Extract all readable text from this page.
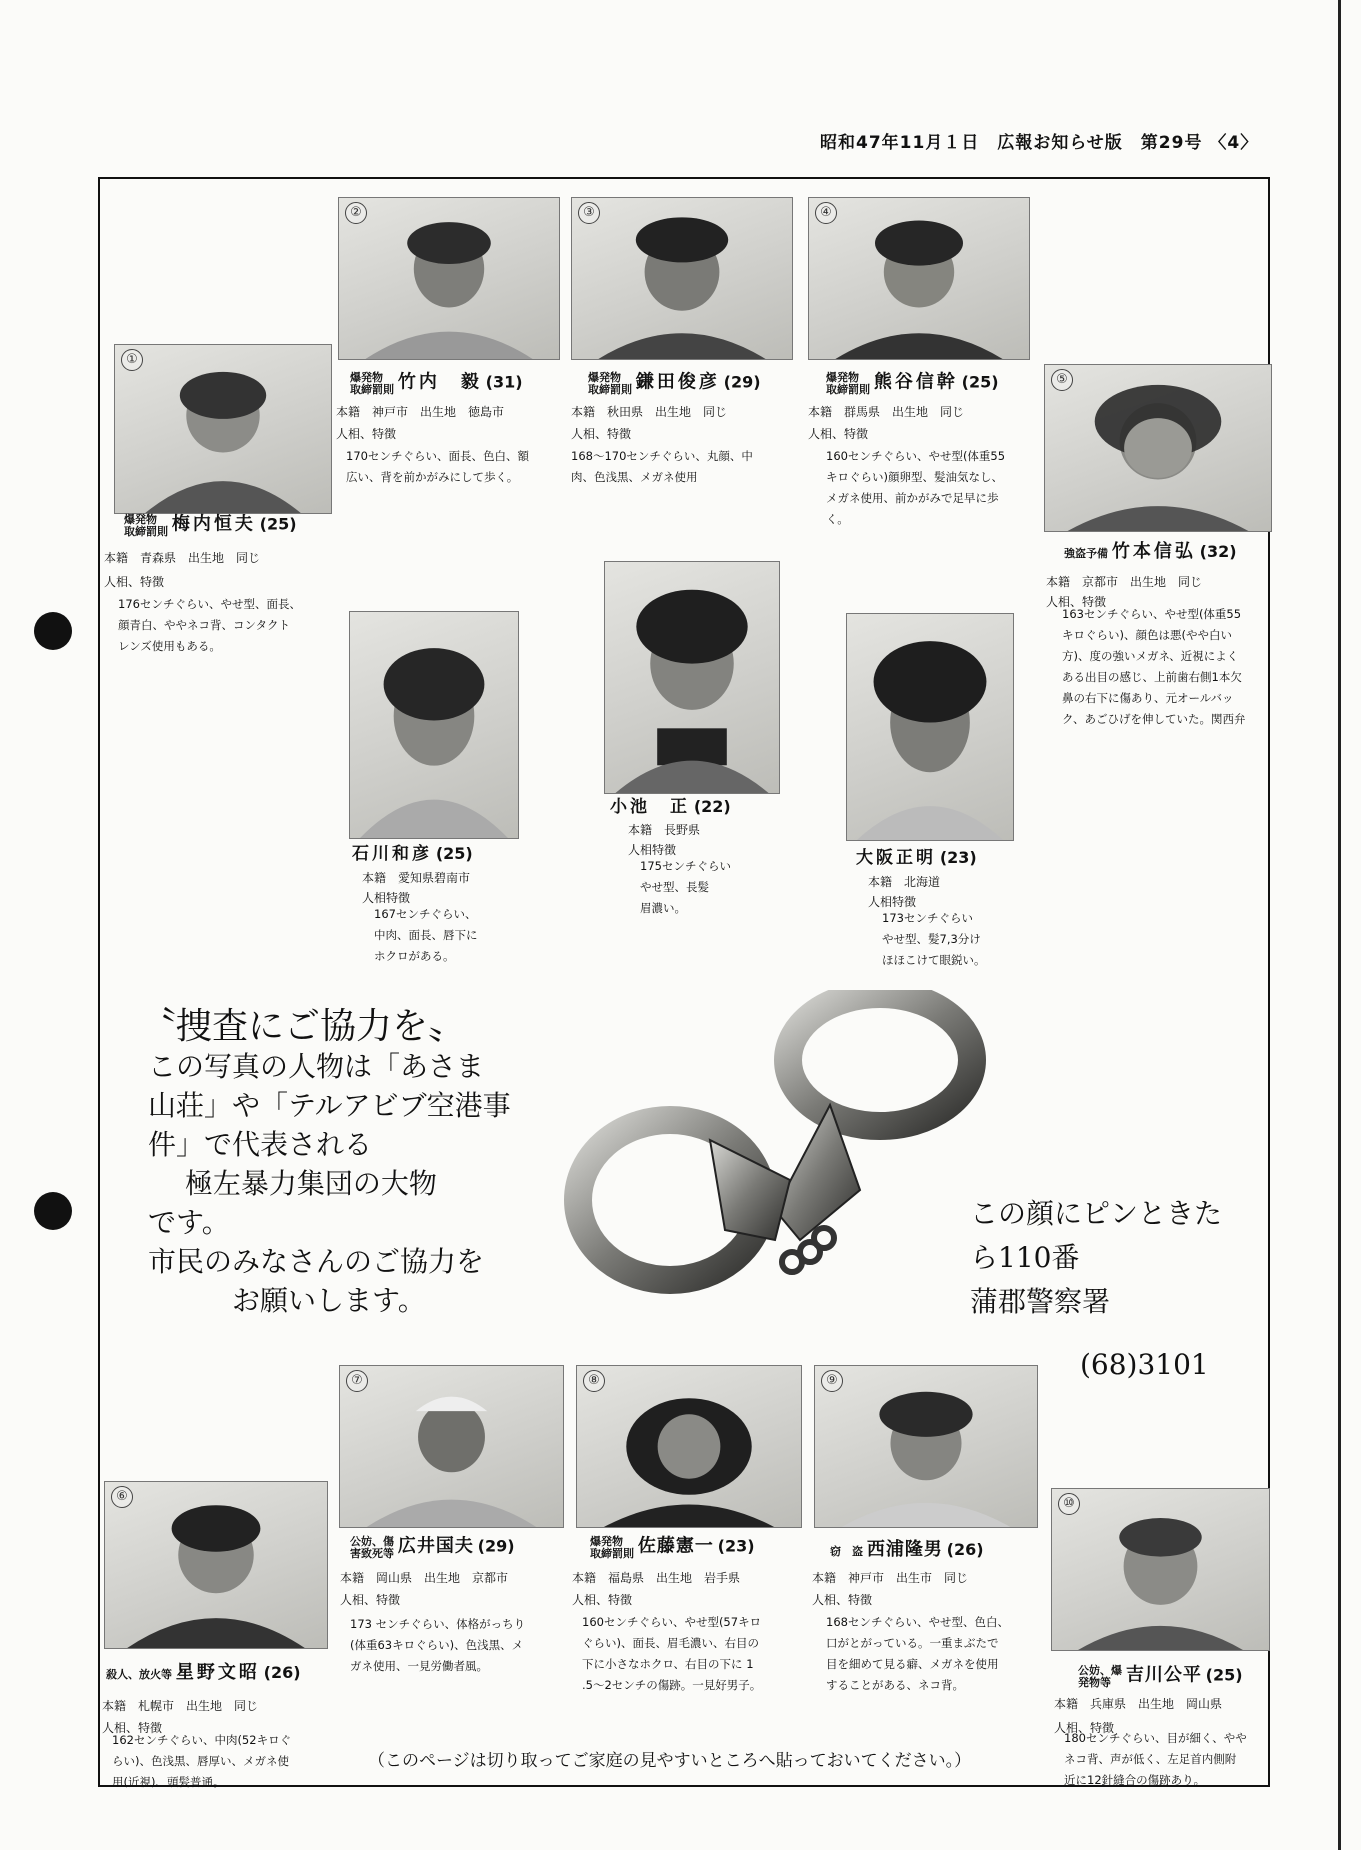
昭和47年11月１日　広報お知らせ版　第29号 〈4〉
①
②	③	④
⑤
⑥
⑦	⑧	⑨
⑩
爆発物
取締罰則 梅内恒夫 (25)
本籍　青森県　出生地　同じ
人相、特徴
176センチぐらい、やせ型、面長、
顔青白、ややネコ背、コンタクト
レンズ使用もある。
爆発物
取締罰則 竹内　毅 (31)
本籍　神戸市　出生地　徳島市
人相、特徴
170センチぐらい、面長、色白、額
広い、背を前かがみにして歩く。
爆発物
取締罰則 鎌田俊彦 (29)
本籍　秋田県　出生地　同じ
人相、特徴
168～170センチぐらい、丸顔、中
肉、色浅黒、メガネ使用
爆発物
取締罰則 熊谷信幹 (25)
本籍　群馬県　出生地　同じ
人相、特徴
160センチぐらい、やせ型(体重55
キロぐらい)顔卵型、髪油気なし、
メガネ使用、前かがみで足早に歩
く。
強盗予備 竹本信弘 (32)
本籍　京都市　出生地　同じ
人相、特徴
163センチぐらい、やせ型(体重55
キロぐらい)、顔色は悪(やや白い
方)、度の強いメガネ、近視によく
ある出目の感じ、上前歯右側1本欠
鼻の右下に傷あり、元オールバッ
ク、あごひげを伸していた。関西弁
石川和彦 (25)
本籍　愛知県碧南市
人相特徴
167センチぐらい、
中肉、面長、唇下に
ホクロがある。
小池　正 (22)
本籍　長野県
人相特徴
175センチぐらい
やせ型、長髪
眉濃い。
大阪正明 (23)
本籍　北海道
人相特徴
173センチぐらい
やせ型、髪7,3分け
ほほこけて眼鋭い。
殺人、放火等 星野文昭 (26)
本籍　札幌市　出生地　同じ
人相、特徴
162センチぐらい、中肉(52キロぐ
らい)、色浅黒、唇厚い、メガネ使
用(近視)、頭髪普通。
公妨、傷
害致死等 広井国夫 (29)
本籍　岡山県　出生地　京都市
人相、特徴
173 センチぐらい、体格がっちり
(体重63キロぐらい)、色浅黒、メ
ガネ使用、一見労働者風。
爆発物
取締罰則 佐藤憲一 (23)
本籍　福島県　出生地　岩手県
人相、特徴
160センチぐらい、やせ型(57キロ
ぐらい)、面長、眉毛濃い、右目の
下に小さなホクロ、右目の下に 1
.5～2センチの傷跡。一見好男子。
窃　盗 西浦隆男 (26)
本籍　神戸市　出生市　同じ
人相、特徴
168センチぐらい、やせ型、色白、
口がとがっている。一重まぶたで
目を細めて見る癖、メガネを使用
することがある、ネコ背。
公妨、爆
発物等 吉川公平 (25)
本籍　兵庫県　出生地　岡山県
人相、特徴
180センチぐらい、目が細く、やや
ネコ背、声が低く、左足首内側附
近に12針縫合の傷跡あり。
〝捜査にご協力を〟
この写真の人物は「あさま
山荘」や「テルアビブ空港事
件」で代表される
　 極左暴力集団の大物
です。
市民のみなさんのご協力を
　　　お願いします。
この顔にピンときた
ら110番
蒲郡警察署
(68)3101
（このページは切り取ってご家庭の見やすいところへ貼っておいてください。）
